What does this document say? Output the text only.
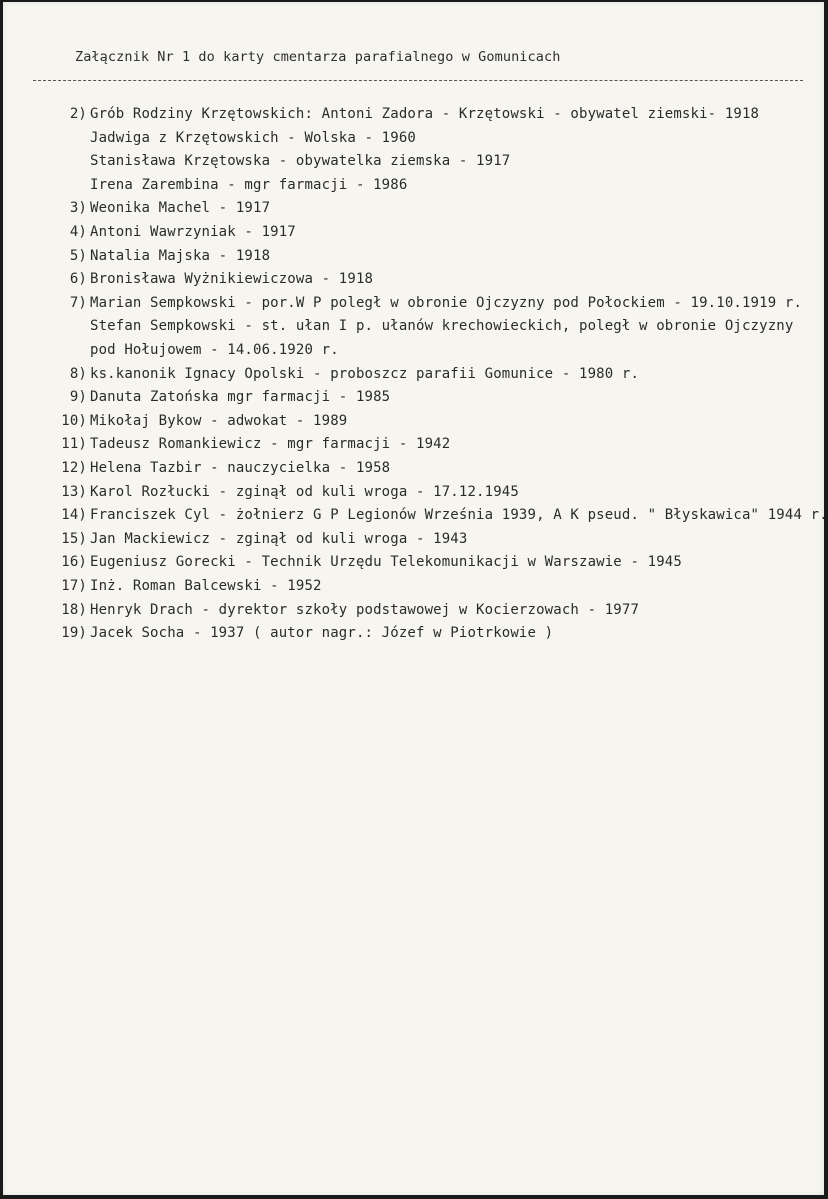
Załącznik Nr 1 do karty cmentarza parafialnego w Gomunicach
2) Grób Rodziny Krzętowskich: Antoni Zadora - Krzętowski - obywatel ziemski- 1918
Jadwiga z Krzętowskich - Wolska - 1960
Stanisława Krzętowska - obywatelka ziemska - 1917
Irena Zarembina - mgr farmacji - 1986
3) Weonika Machel - 1917
4) Antoni Wawrzyniak - 1917
5) Natalia Majska - 1918
6) Bronisława Wyżnikiewiczowa - 1918
7) Marian Sempkowski - por.W P poległ w obronie Ojczyzny pod Połockiem - 19.10.1919 r.
Stefan Sempkowski - st. ułan I p. ułanów krechowieckich, poległ w obronie Ojczyzny
pod Hołujowem - 14.06.1920 r.
8) ks.kanonik Ignacy Opolski - proboszcz parafii Gomunice - 1980 r.
9) Danuta Zatońska mgr farmacji - 1985
10) Mikołaj Bykow - adwokat - 1989
11) Tadeusz Romankiewicz - mgr farmacji - 1942
12) Helena Tazbir - nauczycielka - 1958
13) Karol Rozłucki - zginął od kuli wroga - 17.12.1945
14) Franciszek Cyl - żołnierz G P Legionów Września 1939, A K pseud. " Błyskawica" 1944 r.
15) Jan Mackiewicz - zginął od kuli wroga - 1943
16) Eugeniusz Gorecki - Technik Urzędu Telekomunikacji w Warszawie - 1945
17) Inż. Roman Balcewski - 1952
18) Henryk Drach - dyrektor szkoły podstawowej w Kocierzowach - 1977
19) Jacek Socha - 1937 ( autor nagr.: Józef w Piotrkowie )
